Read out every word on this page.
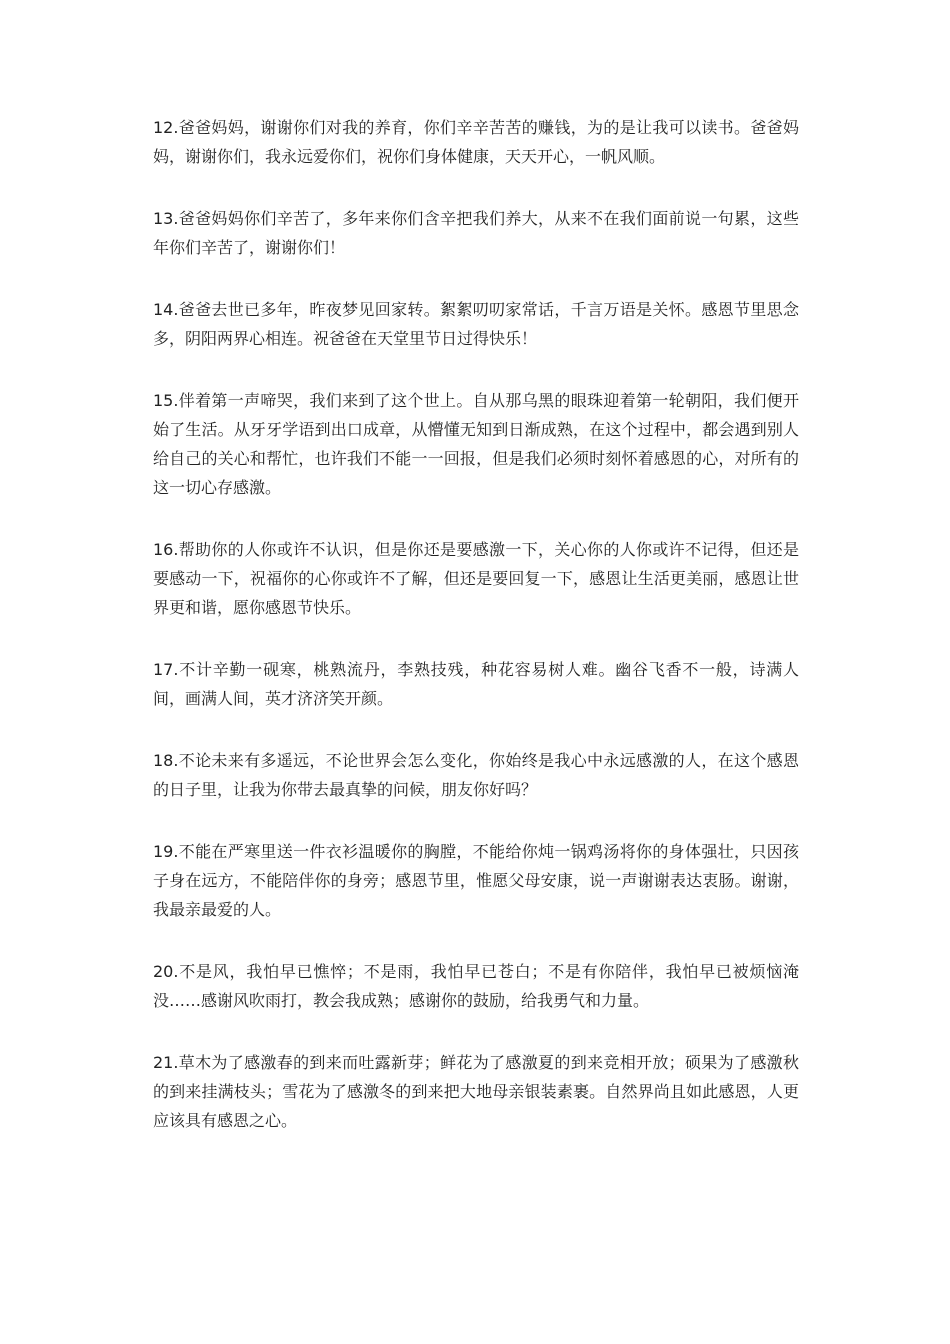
12.爸爸妈妈，谢谢你们对我的养育，你们辛辛苦苦的赚钱，为的是让我可以读书。爸爸妈妈，谢谢你们，我永远爱你们，祝你们身体健康，天天开心，一帆风顺。

13.爸爸妈妈你们辛苦了，多年来你们含辛把我们养大，从来不在我们面前说一句累，这些年你们辛苦了，谢谢你们！

14.爸爸去世已多年，昨夜梦见回家转。絮絮叨叨家常话，千言万语是关怀。感恩节里思念多，阴阳两界心相连。祝爸爸在天堂里节日过得快乐！

15.伴着第一声啼哭，我们来到了这个世上。自从那乌黑的眼珠迎着第一轮朝阳，我们便开始了生活。从牙牙学语到出口成章，从懵懂无知到日渐成熟，在这个过程中，都会遇到别人给自己的关心和帮忙，也许我们不能一一回报，但是我们必须时刻怀着感恩的心，对所有的这一切心存感激。

16.帮助你的人你或许不认识，但是你还是要感激一下，关心你的人你或许不记得，但还是要感动一下，祝福你的心你或许不了解，但还是要回复一下，感恩让生活更美丽，感恩让世界更和谐，愿你感恩节快乐。

17.不计辛勤一砚寒，桃熟流丹，李熟技残，种花容易树人难。幽谷飞香不一般，诗满人间，画满人间，英才济济笑开颜。

18.不论未来有多遥远，不论世界会怎么变化，你始终是我心中永远感激的人，在这个感恩的日子里，让我为你带去最真挚的问候，朋友你好吗？

19.不能在严寒里送一件衣衫温暖你的胸膛，不能给你炖一锅鸡汤将你的身体强壮，只因孩子身在远方，不能陪伴你的身旁；感恩节里，惟愿父母安康，说一声谢谢表达衷肠。谢谢，我最亲最爱的人。

20.不是风，我怕早已憔悴；不是雨，我怕早已苍白；不是有你陪伴，我怕早已被烦恼淹没……感谢风吹雨打，教会我成熟；感谢你的鼓励，给我勇气和力量。

21.草木为了感激春的到来而吐露新芽；鲜花为了感激夏的到来竞相开放；硕果为了感激秋的到来挂满枝头；雪花为了感激冬的到来把大地母亲银装素裹。自然界尚且如此感恩，人更应该具有感恩之心。
